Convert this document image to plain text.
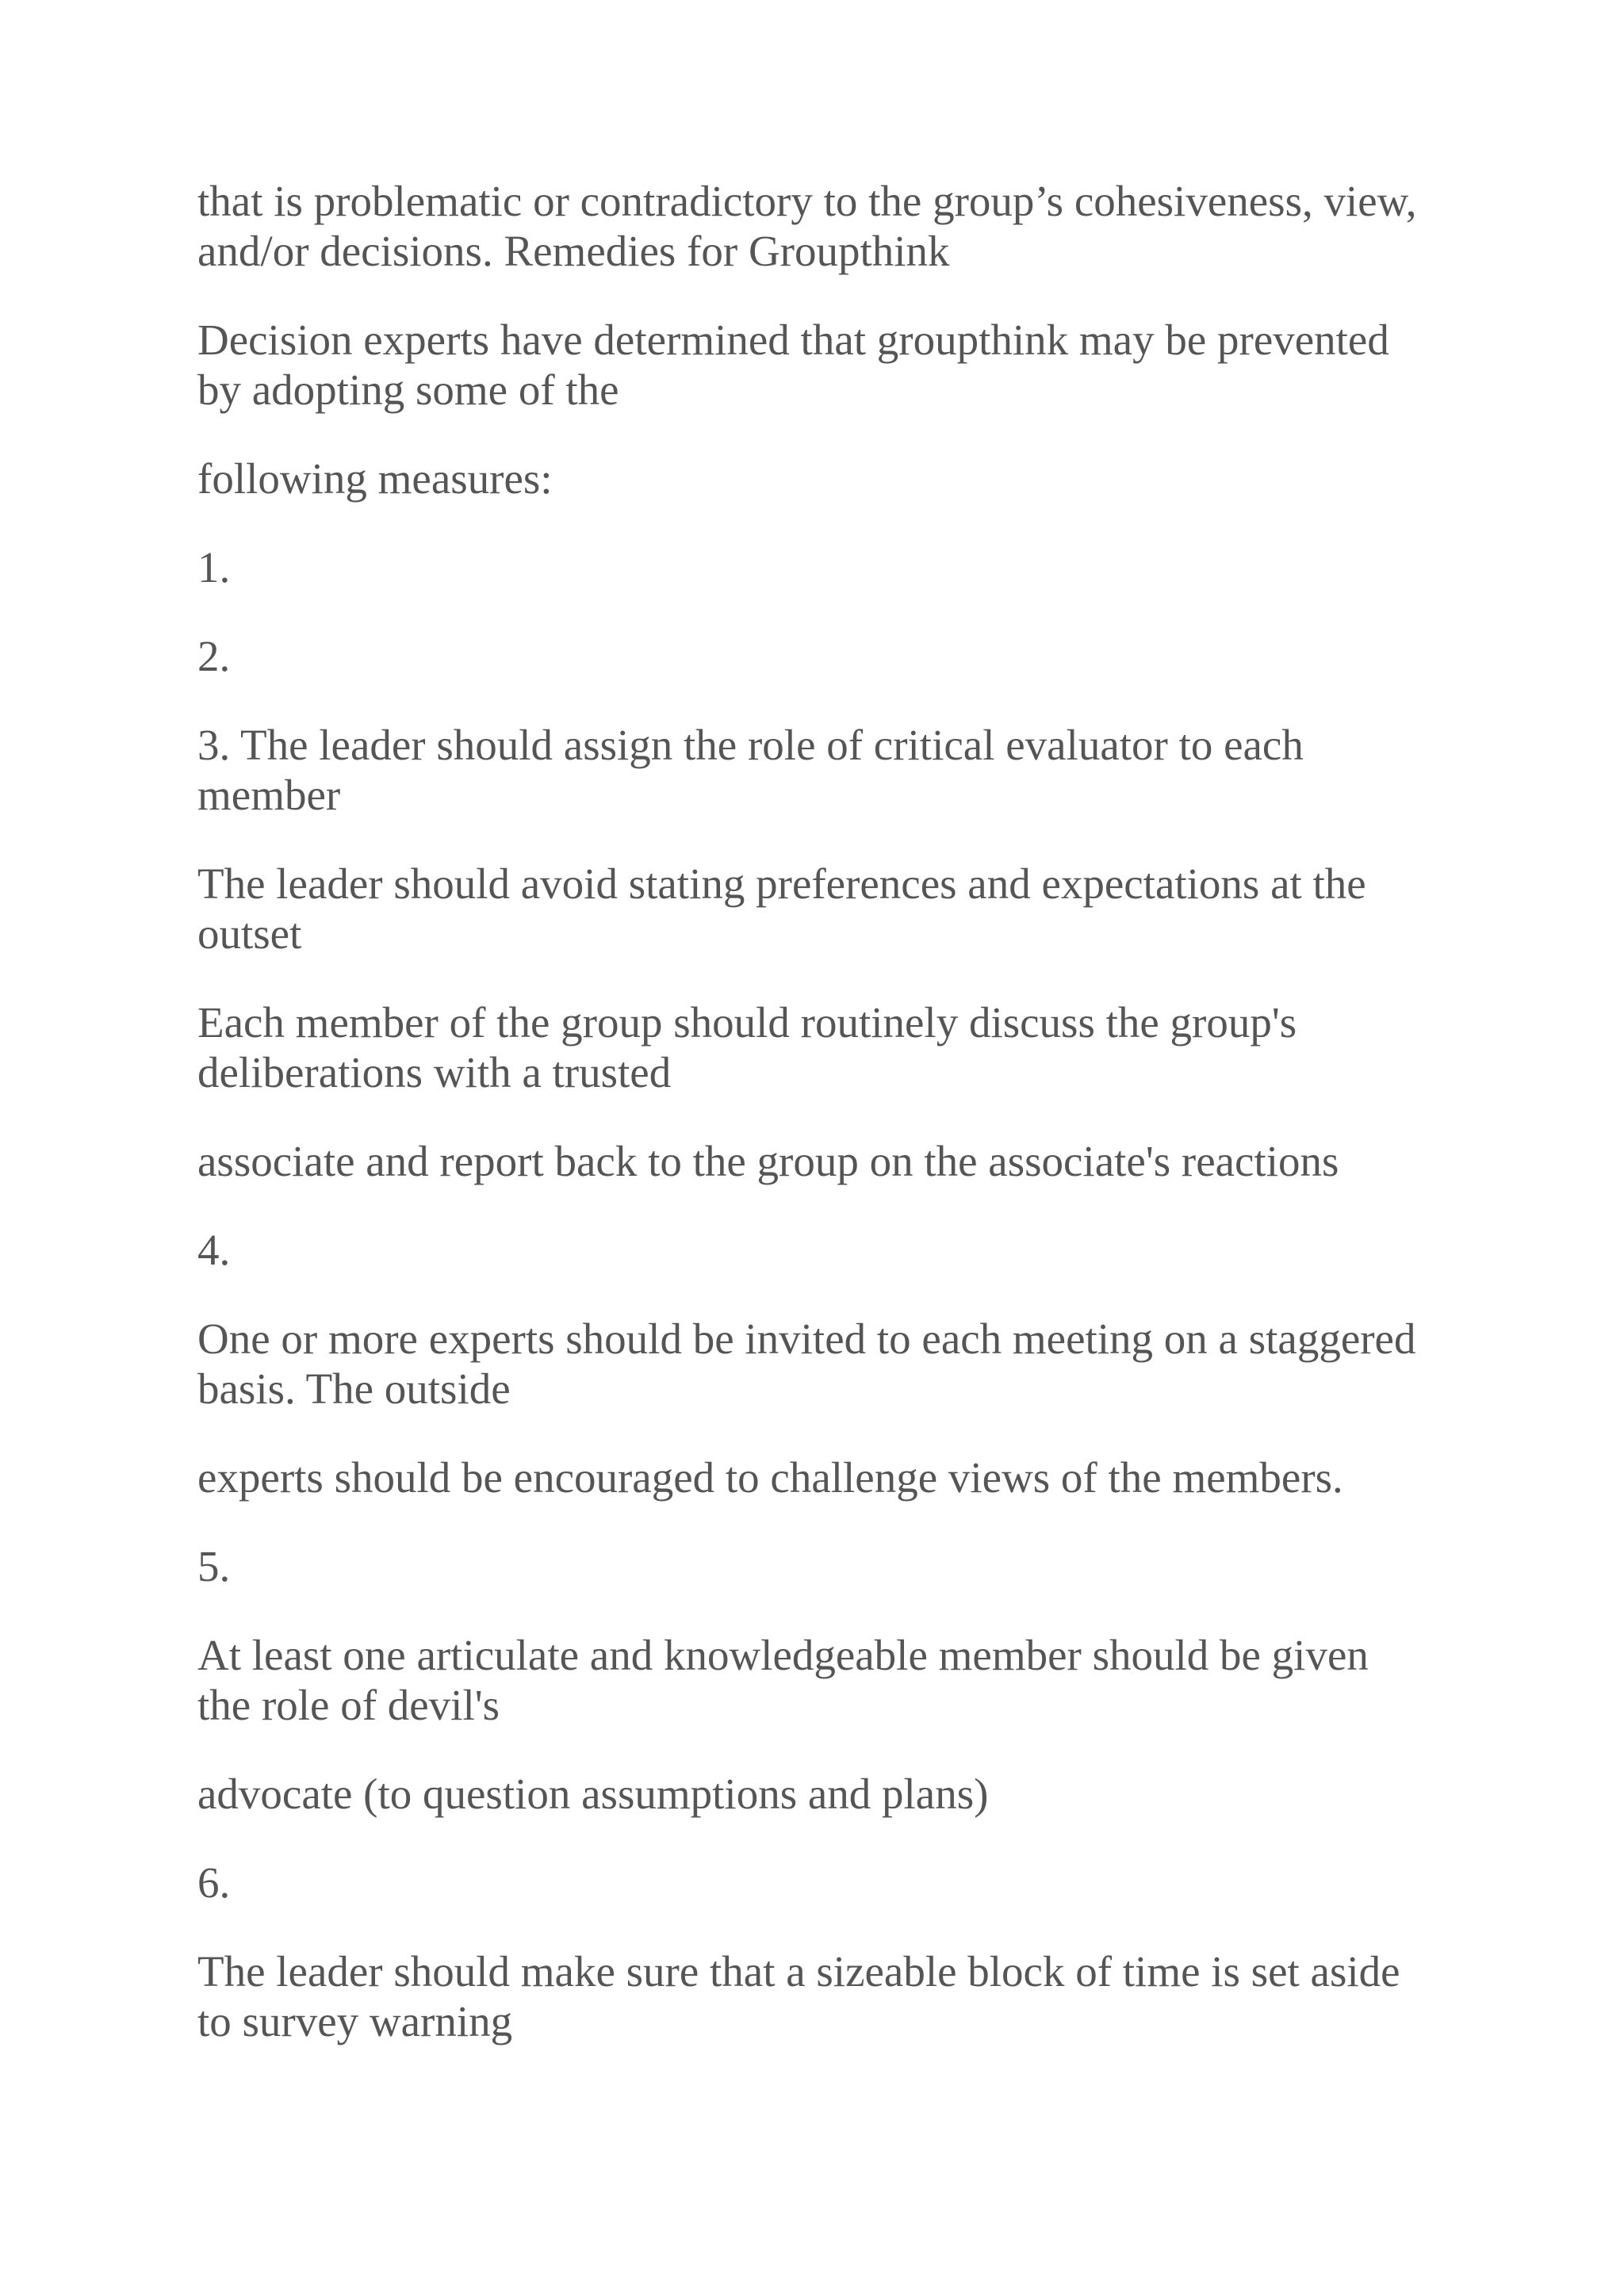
that is problematic or contradictory to the group’s cohesiveness, view,
and/or decisions. Remedies for Groupthink

Decision experts have determined that groupthink may be prevented
by adopting some of the

following measures:

1.

2.

3. The leader should assign the role of critical evaluator to each
member

The leader should avoid stating preferences and expectations at the
outset

Each member of the group should routinely discuss the group's
deliberations with a trusted

associate and report back to the group on the associate's reactions

4.

One or more experts should be invited to each meeting on a staggered
basis. The outside

experts should be encouraged to challenge views of the members.

5.

At least one articulate and knowledgeable member should be given
the role of devil's

advocate (to question assumptions and plans)

6.

The leader should make sure that a sizeable block of time is set aside
to survey warning
